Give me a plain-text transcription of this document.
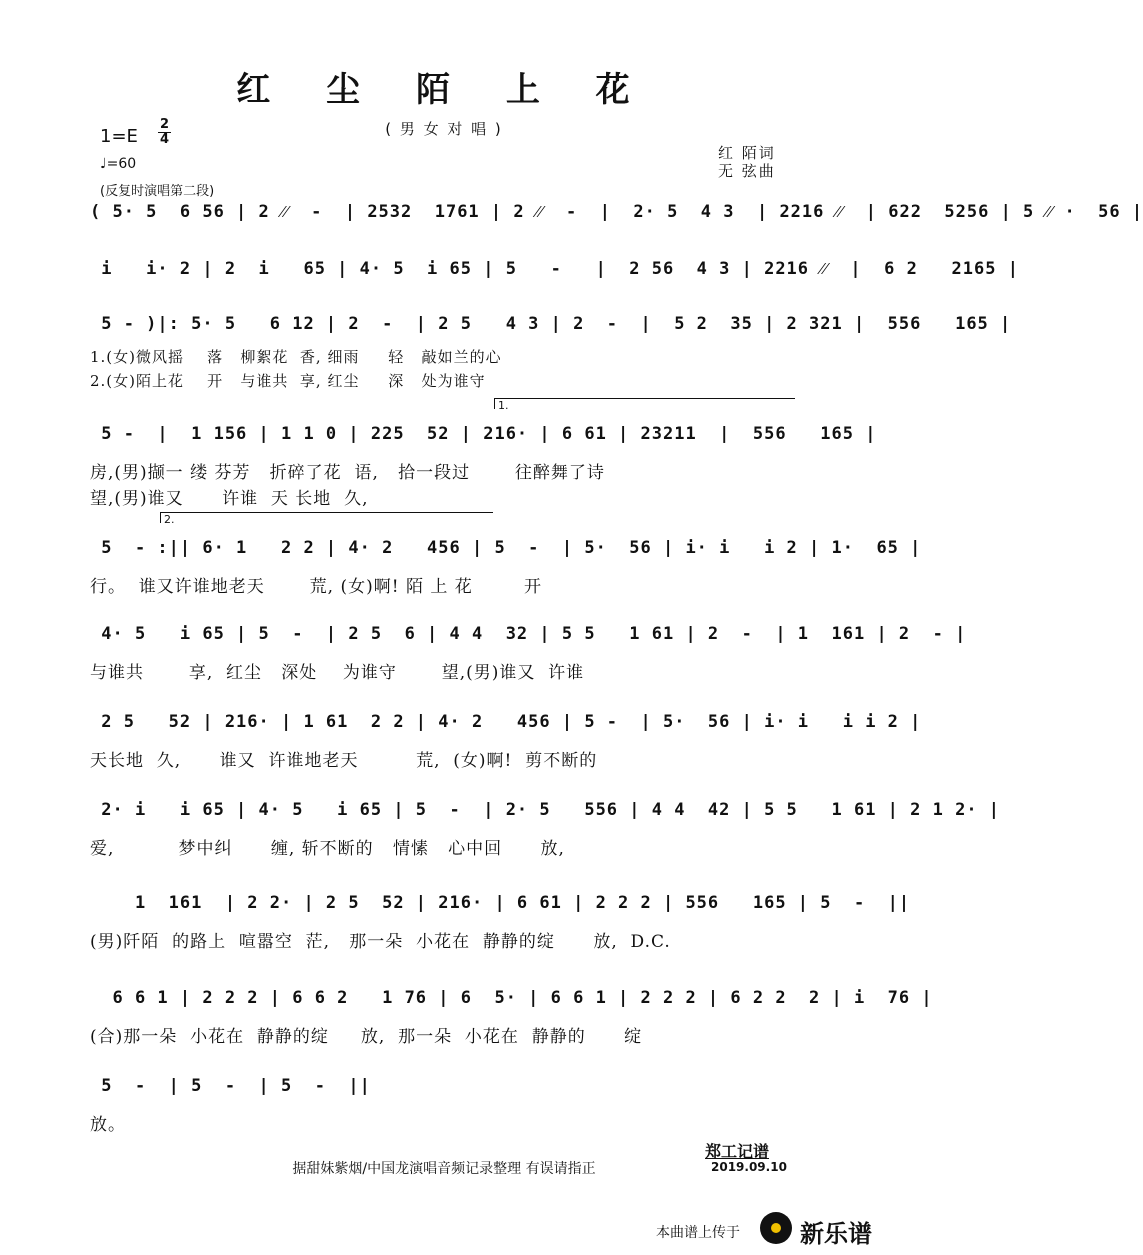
红 尘 陌 上 花
( 男 女 对 唱 )
1=E
2
4
♩=60
红 陌词
无 弦曲
(反复时演唱第二段)
( 5· 5  6 56 | 2 ⁄⁄  -  | 2532  1761 | 2 ⁄⁄  -  |  2· 5  4 3  | 2216 ⁄⁄  | 622  5256 | 5 ⁄⁄ ·  56 |
i   i· 2 | 2  i   65 | 4· 5  i 65 | 5   -   |  2 56  4 3 | 2216 ⁄⁄  |  6 2   2165 |
5 - )|: 5· 5   6 12 | 2  -  | 2 5   4 3 | 2  -  |  5 2  35 | 2 321 |  556   165 |
1.(女)微风摇    落   柳絮花  香, 细雨     轻   敲如兰的心
2.(女)陌上花    开   与谁共  享, 红尘     深   处为谁守
1.
5 -  |  1 156 | 1 1 0 | 225  52 | 216· | 6 61 | 23211  |  556   165 |
房,(男)撷一 缕 芬芳   折碎了花  语,   拾一段过       往醉舞了诗
望,(男)谁又      许谁  天 长地  久,
2.
5  - :|| 6· 1   2 2 | 4· 2   456 | 5  -  | 5·  56 | i· i   i 2 | 1·  65 |
行。  谁又许谁地老天       荒, (女)啊! 陌 上 花        开
4· 5   i 65 | 5  -  | 2 5  6 | 4 4  32 | 5 5   1 61 | 2  -  | 1  161 | 2  - |
与谁共       享,  红尘   深处    为谁守       望,(男)谁又  许谁
2 5   52 | 216· | 1 61  2 2 | 4· 2   456 | 5 -  | 5·  56 | i· i   i i 2 |
天长地  久,      谁又  许谁地老天         荒,  (女)啊!  剪不断的
2· i   i 65 | 4· 5   i 65 | 5  -  | 2· 5   556 | 4 4  42 | 5 5   1 61 | 2 1 2· |
爱,          梦中纠      缠, 斩不断的   情愫   心中回      放,
1  161  | 2 2· | 2 5  52 | 216· | 6 61 | 2 2 2 | 556   165 | 5  -  ||
(男)阡陌  的路上  喧嚣空  茫,   那一朵  小花在  静静的绽      放,  D.C.
6 6 1 | 2 2 2 | 6 6 2   1 76 | 6  5· | 6 6 1 | 2 2 2 | 6 2 2  2 | i  76 |
(合)那一朵  小花在  静静的绽     放,  那一朵  小花在  静静的      绽
5  -  | 5  -  | 5  -  ||
放。
据甜妹紫烟/中国龙演唱音频记录整理 有误请指正
郑工记谱
2019.09.10
本曲谱上传于	新乐谱
